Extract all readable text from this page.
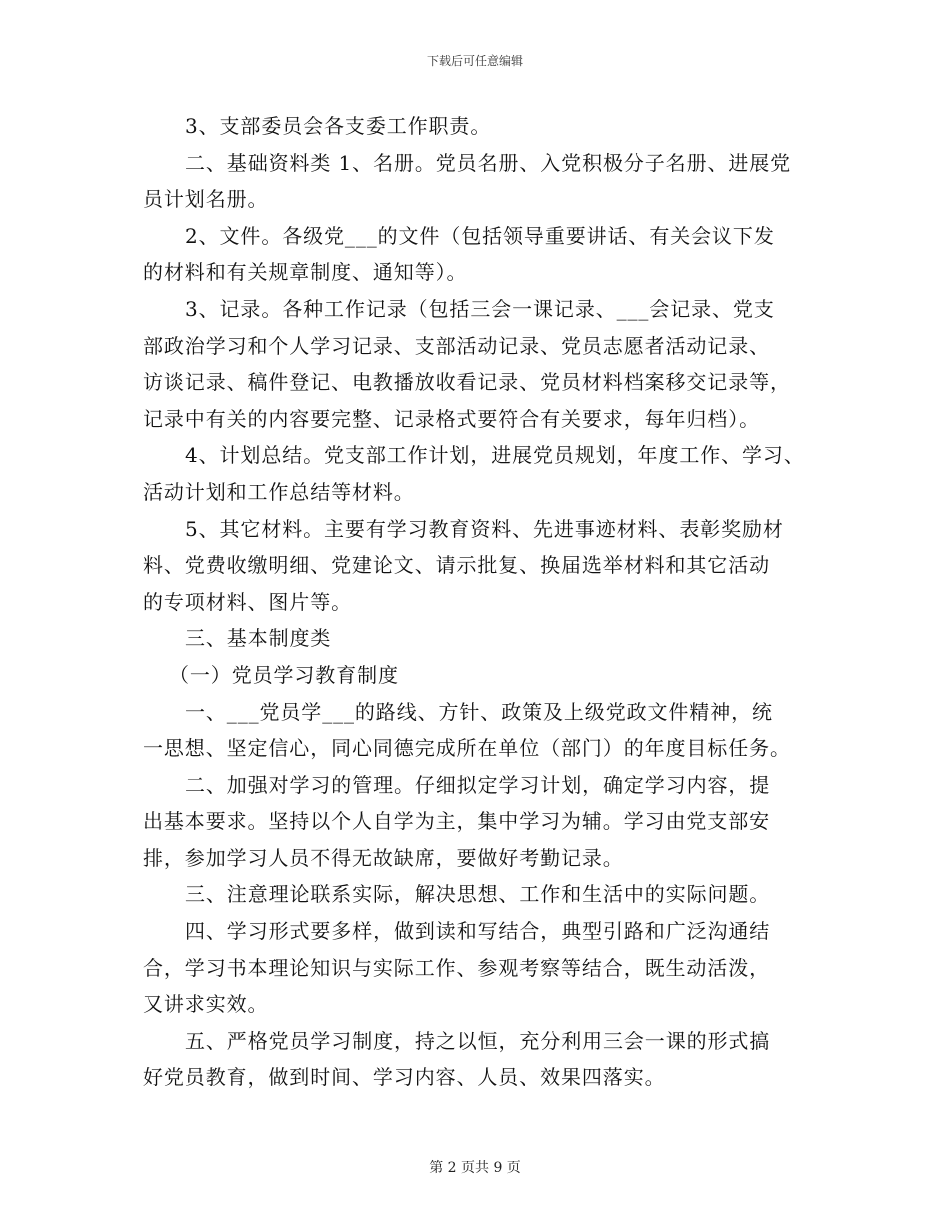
下载后可任意编辑
3、支部委员会各支委工作职责。
二、基础资料类 1、名册。党员名册、入党积极分子名册、进展党
员计划名册。
2、文件。各级党___的文件（包括领导重要讲话、有关会议下发
的材料和有关规章制度、通知等）。
3、记录。各种工作记录（包括三会一课记录、___会记录、党支
部政治学习和个人学习记录、支部活动记录、党员志愿者活动记录、
访谈记录、稿件登记、电教播放收看记录、党员材料档案移交记录等，
记录中有关的内容要完整、记录格式要符合有关要求，每年归档）。
4、计划总结。党支部工作计划，进展党员规划，年度工作、学习、
活动计划和工作总结等材料。
5、其它材料。主要有学习教育资料、先进事迹材料、表彰奖励材
料、党费收缴明细、党建论文、请示批复、换届选举材料和其它活动
的专项材料、图片等。
三、基本制度类
（一）党员学习教育制度
一、___党员学___的路线、方针、政策及上级党政文件精神，统
一思想、坚定信心，同心同德完成所在单位（部门）的年度目标任务。
二、加强对学习的管理。仔细拟定学习计划，确定学习内容，提
出基本要求。坚持以个人自学为主，集中学习为辅。学习由党支部安
排，参加学习人员不得无故缺席，要做好考勤记录。
三、注意理论联系实际，解决思想、工作和生活中的实际问题。
四、学习形式要多样，做到读和写结合，典型引路和广泛沟通结
合，学习书本理论知识与实际工作、参观考察等结合，既生动活泼，
又讲求实效。
五、严格党员学习制度，持之以恒，充分利用三会一课的形式搞
好党员教育，做到时间、学习内容、人员、效果四落实。
第 2 页共 9 页
